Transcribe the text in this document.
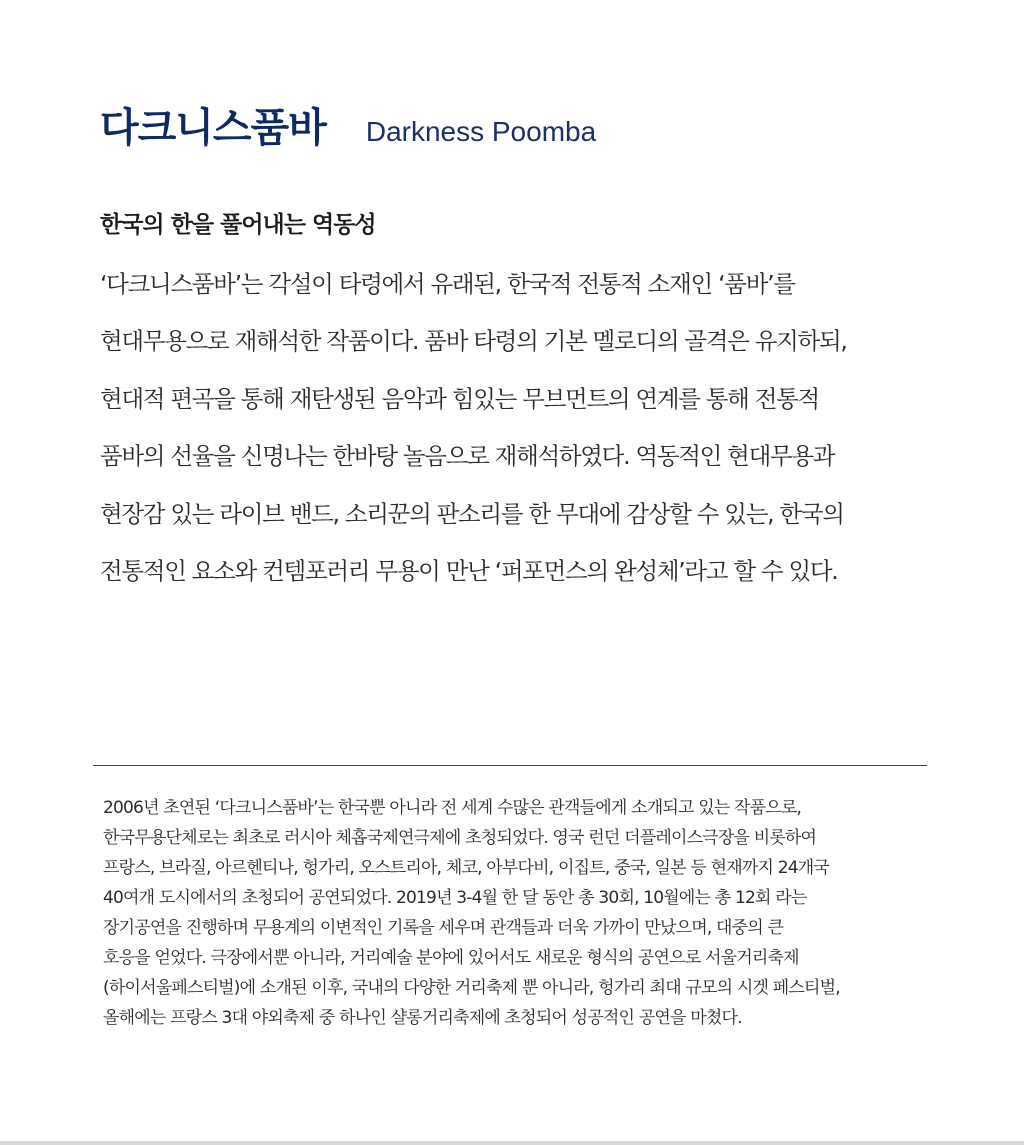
다크니스품바 Darkness Poomba
한국의 한을 풀어내는 역동성
‘다크니스품바’는 각설이 타령에서 유래된, 한국적 전통적 소재인 ‘품바’를
현대무용으로 재해석한 작품이다. 품바 타령의 기본 멜로디의 골격은 유지하되,
현대적 편곡을 통해 재탄생된 음악과 힘있는 무브먼트의 연계를 통해 전통적
품바의 선율을 신명나는 한바탕 놀음으로 재해석하였다. 역동적인 현대무용과
현장감 있는 라이브 밴드, 소리꾼의 판소리를 한 무대에 감상할 수 있는, 한국의
전통적인 요소와 컨템포러리 무용이 만난 ‘퍼포먼스의 완성체’라고 할 수 있다.
2006년 초연된 ‘다크니스품바’는 한국뿐 아니라 전 세계 수많은 관객들에게 소개되고 있는 작품으로,
한국무용단체로는 최초로 러시아 체홉국제연극제에 초청되었다. 영국 런던 더플레이스극장을 비롯하여
프랑스, 브라질, 아르헨티나, 헝가리, 오스트리아, 체코, 아부다비, 이집트, 중국, 일본 등 현재까지 24개국
40여개 도시에서의 초청되어 공연되었다. 2019년 3-4월 한 달 동안 총 30회, 10월에는 총 12회 라는
장기공연을 진행하며 무용계의 이변적인 기록을 세우며 관객들과 더욱 가까이 만났으며, 대중의 큰
호응을 얻었다. 극장에서뿐 아니라, 거리예술 분야에 있어서도 새로운 형식의 공연으로 서울거리축제
(하이서울페스티벌)에 소개된 이후, 국내의 다양한 거리축제 뿐 아니라, 헝가리 최대 규모의 시겟 페스티벌,
올해에는 프랑스 3대 야외축제 중 하나인 샬롱거리축제에 초청되어 성공적인 공연을 마쳤다.
